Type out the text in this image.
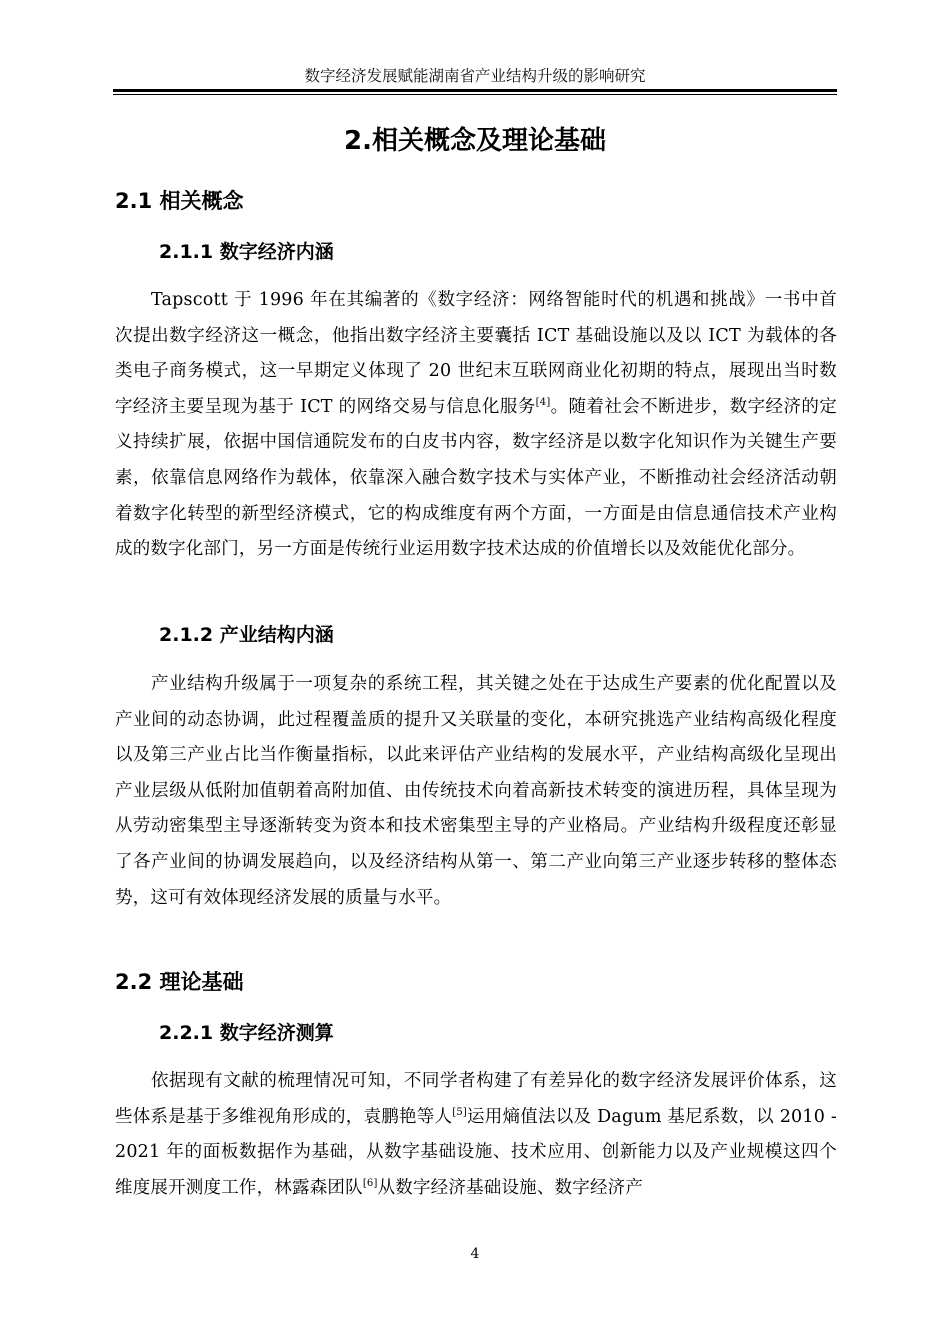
数字经济发展赋能湖南省产业结构升级的影响研究
2.相关概念及理论基础
2.1 相关概念
2.1.1 数字经济内涵

Tapscott 于 1996 年在其编著的《数字经济：网络智能时代的机遇和挑战》一书中首次提出数字经济这一概念，他指出数字经济主要囊括 ICT 基础设施以及以 ICT 为载体的各类电子商务模式，这一早期定义体现了 20 世纪末互联网商业化初期的特点，展现出当时数字经济主要呈现为基于 ICT 的网络交易与信息化服务[4]。随着社会不断进步，数字经济的定义持续扩展，依据中国信通院发布的白皮书内容，数字经济是以数字化知识作为关键生产要素，依靠信息网络作为载体，依靠深入融合数字技术与实体产业，不断推动社会经济活动朝着数字化转型的新型经济模式，它的构成维度有两个方面，一方面是由信息通信技术产业构成的数字化部门，另一方面是传统行业运用数字技术达成的价值增长以及效能优化部分。

2.1.2 产业结构内涵

产业结构升级属于一项复杂的系统工程，其关键之处在于达成生产要素的优化配置以及产业间的动态协调，此过程覆盖质的提升又关联量的变化，本研究挑选产业结构高级化程度以及第三产业占比当作衡量指标，以此来评估产业结构的发展水平，产业结构高级化呈现出产业层级从低附加值朝着高附加值、由传统技术向着高新技术转变的演进历程，具体呈现为从劳动密集型主导逐渐转变为资本和技术密集型主导的产业格局。产业结构升级程度还彰显了各产业间的协调发展趋向，以及经济结构从第一、第二产业向第三产业逐步转移的整体态势，这可有效体现经济发展的质量与水平。

2.2 理论基础
2.2.1 数字经济测算

依据现有文献的梳理情况可知，不同学者构建了有差异化的数字经济发展评价体系，这些体系是基于多维视角形成的，袁鹏艳等人[5]运用熵值法以及 Dagum 基尼系数，以 2010 - 2021 年的面板数据作为基础，从数字基础设施、技术应用、创新能力以及产业规模这四个维度展开测度工作，林露森团队[6]从数字经济基础设施、数字经济产

4
